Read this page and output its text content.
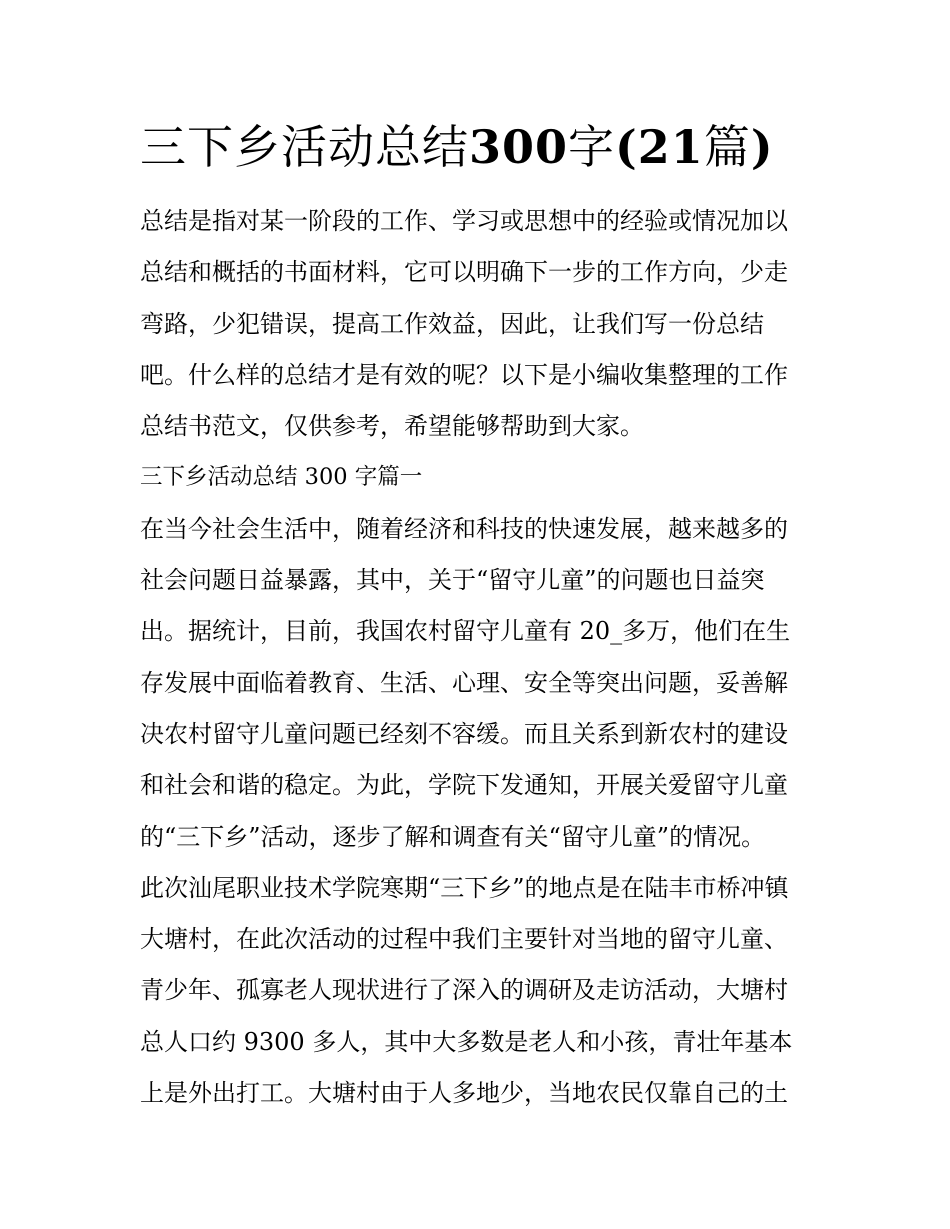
三下乡活动总结300字(21篇)
总结是指对某一阶段的工作、学习或思想中的经验或情况加以
总结和概括的书面材料，它可以明确下一步的工作方向，少走
弯路，少犯错误，提高工作效益，因此，让我们写一份总结
吧。什么样的总结才是有效的呢？以下是小编收集整理的工作
总结书范文，仅供参考，希望能够帮助到大家。
三下乡活动总结 300 字篇一
在当今社会生活中，随着经济和科技的快速发展，越来越多的
社会问题日益暴露，其中，关于“留守儿童”的问题也日益突
出。据统计，目前，我国农村留守儿童有 20_多万，他们在生
存发展中面临着教育、生活、心理、安全等突出问题，妥善解
决农村留守儿童问题已经刻不容缓。而且关系到新农村的建设
和社会和谐的稳定。为此，学院下发通知，开展关爱留守儿童
的“三下乡”活动，逐步了解和调查有关“留守儿童”的情况。
此次汕尾职业技术学院寒期“三下乡”的地点是在陆丰市桥冲镇
大塘村，在此次活动的过程中我们主要针对当地的留守儿童、
青少年、孤寡老人现状进行了深入的调研及走访活动，大塘村
总人口约 9300 多人，其中大多数是老人和小孩，青壮年基本
上是外出打工。大塘村由于人多地少，当地农民仅靠自己的土
